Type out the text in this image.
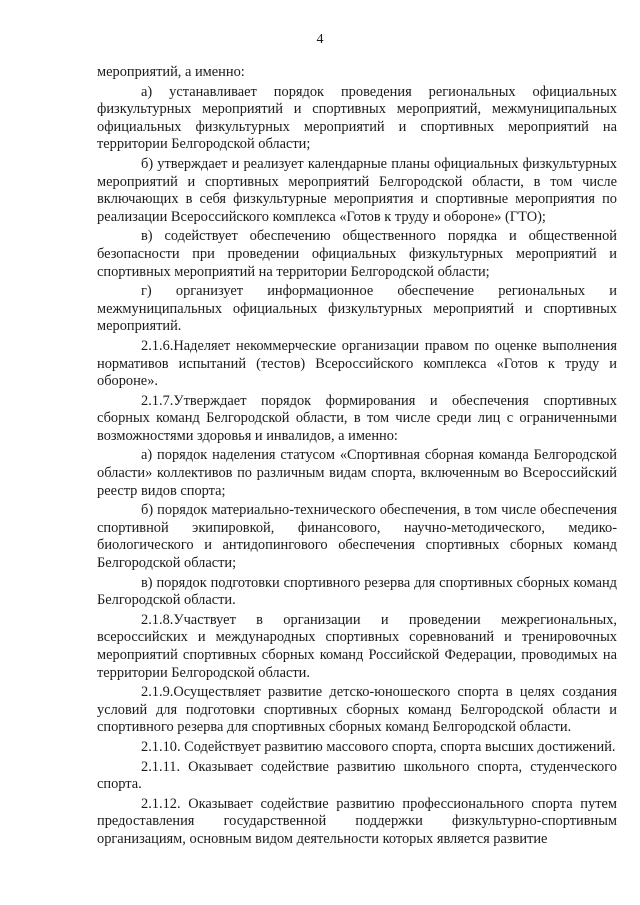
4

мероприятий, а именно:

а) устанавливает порядок проведения региональных официальных физкультурных мероприятий и спортивных мероприятий, межмуниципальных официальных физкультурных мероприятий и спортивных мероприятий на территории Белгородской области;

б) утверждает и реализует календарные планы официальных физкультурных мероприятий и спортивных мероприятий Белгородской области, в том числе включающих в себя физкультурные мероприятия и спортивные мероприятия по реализации Всероссийского комплекса «Готов к труду и обороне» (ГТО);

в) содействует обеспечению общественного порядка и общественной безопасности при проведении официальных физкультурных мероприятий и спортивных мероприятий на территории Белгородской области;

г) организует информационное обеспечение региональных и межмуниципальных официальных физкультурных мероприятий и спортивных мероприятий.

2.1.6.Наделяет некоммерческие организации правом по оценке выполнения нормативов испытаний (тестов) Всероссийского комплекса «Готов к труду и обороне».

2.1.7.Утверждает порядок формирования и обеспечения спортивных сборных команд Белгородской области, в том числе среди лиц с ограниченными возможностями здоровья и инвалидов, а именно:

а) порядок наделения статусом «Спортивная сборная команда Белгородской области» коллективов по различным видам спорта, включенным во Всероссийский реестр видов спорта;

б) порядок материально-технического обеспечения, в том числе обеспечения спортивной экипировкой, финансового, научно-методического, медико-биологического и антидопингового обеспечения спортивных сборных команд Белгородской области;

в) порядок подготовки спортивного резерва для спортивных сборных команд Белгородской области.

2.1.8.Участвует в организации и проведении межрегиональных, всероссийских и международных спортивных соревнований и тренировочных мероприятий спортивных сборных команд Российской Федерации, проводимых на территории Белгородской области.

2.1.9.Осуществляет развитие детско-юношеского спорта в целях создания условий для подготовки спортивных сборных команд Белгородской области и спортивного резерва для спортивных сборных команд Белгородской области.

2.1.10. Содействует развитию массового спорта, спорта высших достижений.

2.1.11. Оказывает содействие развитию школьного спорта, студенческого спорта.

2.1.12. Оказывает содействие развитию профессионального спорта путем предоставления государственной поддержки физкультурно-спортивным организациям, основным видом деятельности которых является развитие
